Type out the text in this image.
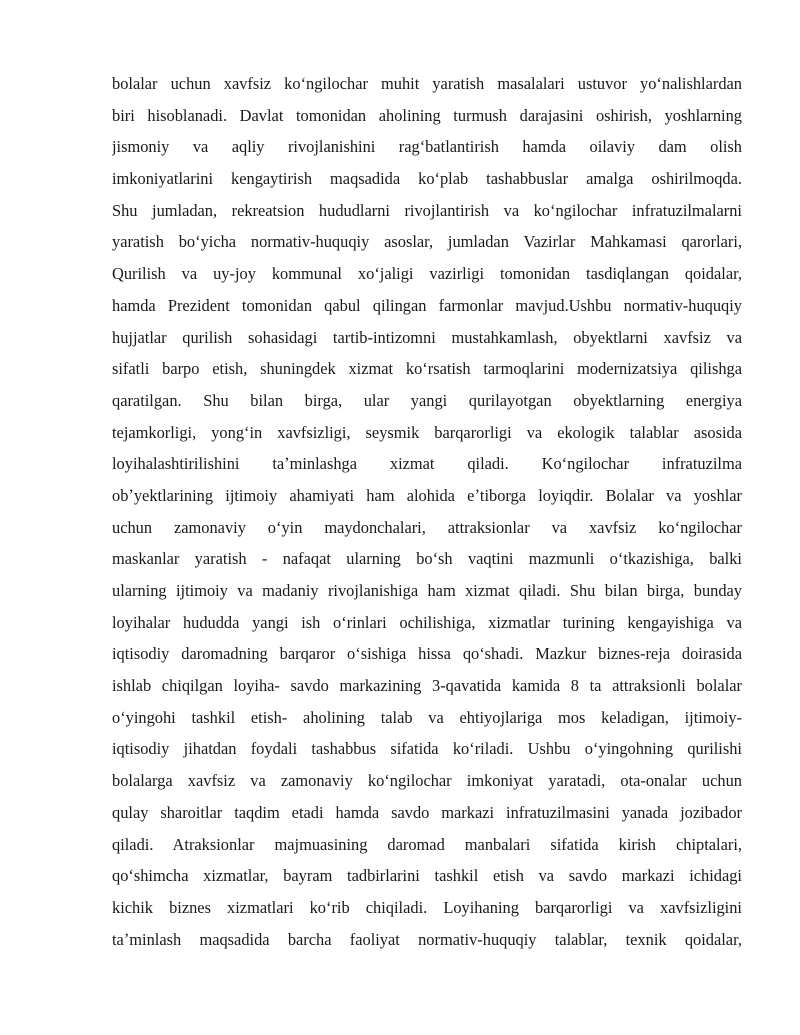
bolalar uchun xavfsiz koʻngilochar muhit yaratish masalalari ustuvor yoʻnalishlardan
biri hisoblanadi. Davlat tomonidan aholining turmush darajasini oshirish, yoshlarning
jismoniy va aqliy rivojlanishini ragʻbatlantirish hamda oilaviy dam olish
imkoniyatlarini kengaytirish maqsadida koʻplab tashabbuslar amalga oshirilmoqda.
Shu jumladan, rekreatsion hududlarni rivojlantirish va koʻngilochar infratuzilmalarni
yaratish boʻyicha normativ-huquqiy asoslar, jumladan Vazirlar Mahkamasi qarorlari,
Qurilish va uy-joy kommunal xoʻjaligi vazirligi tomonidan tasdiqlangan qoidalar,
hamda Prezident tomonidan qabul qilingan farmonlar mavjud.Ushbu normativ-huquqiy
hujjatlar qurilish sohasidagi tartib-intizomni mustahkamlash, obyektlarni xavfsiz va
sifatli barpo etish, shuningdek xizmat koʻrsatish tarmoqlarini modernizatsiya qilishga
qaratilgan. Shu bilan birga, ular yangi qurilayotgan obyektlarning energiya
tejamkorligi, yongʻin xavfsizligi, seysmik barqarorligi va ekologik talablar asosida
loyihalashtirilishini taʼminlashga xizmat qiladi. Koʻngilochar infratuzilma
obʼyektlarining ijtimoiy ahamiyati ham alohida eʼtiborga loyiqdir. Bolalar va yoshlar
uchun zamonaviy oʻyin maydonchalari, attraksionlar va xavfsiz koʻngilochar
maskanlar yaratish - nafaqat ularning boʻsh vaqtini mazmunli oʻtkazishiga, balki
ularning ijtimoiy va madaniy rivojlanishiga ham xizmat qiladi. Shu bilan birga, bunday
loyihalar hududda yangi ish oʻrinlari ochilishiga, xizmatlar turining kengayishiga va
iqtisodiy daromadning barqaror oʻsishiga hissa qoʻshadi. Mazkur biznes-reja doirasida
ishlab chiqilgan loyiha- savdo markazining 3-qavatida kamida 8 ta attraksionli bolalar
oʻyingohi tashkil etish- aholining talab va ehtiyojlariga mos keladigan, ijtimoiy-
iqtisodiy jihatdan foydali tashabbus sifatida koʻriladi. Ushbu oʻyingohning qurilishi
bolalarga xavfsiz va zamonaviy koʻngilochar imkoniyat yaratadi, ota-onalar uchun
qulay sharoitlar taqdim etadi hamda savdo markazi infratuzilmasini yanada jozibador
qiladi. Atraksionlar majmuasining daromad manbalari sifatida kirish chiptalari,
qoʻshimcha xizmatlar, bayram tadbirlarini tashkil etish va savdo markazi ichidagi
kichik biznes xizmatlari koʻrib chiqiladi. Loyihaning barqarorligi va xavfsizligini
taʼminlash maqsadida barcha faoliyat normativ-huquqiy talablar, texnik qoidalar,
